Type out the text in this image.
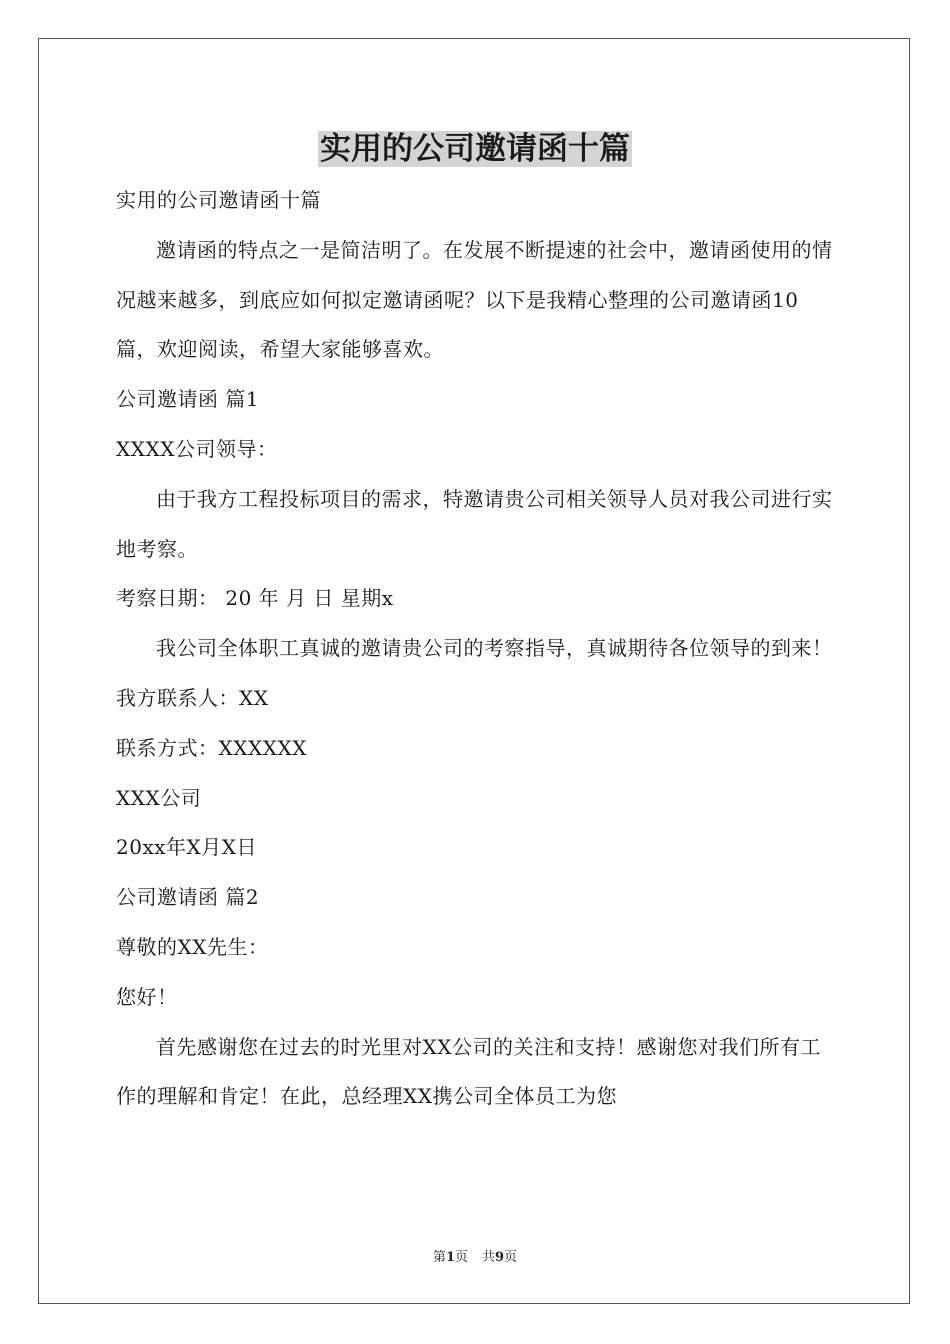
实用的公司邀请函十篇

实用的公司邀请函十篇

邀请函的特点之一是简洁明了。在发展不断提速的社会中，邀请函使用的情况越来越多，到底应如何拟定邀请函呢？以下是我精心整理的公司邀请函10篇，欢迎阅读，希望大家能够喜欢。

公司邀请函 篇1

XXXX公司领导：

由于我方工程投标项目的需求，特邀请贵公司相关领导人员对我公司进行实地考察。

考察日期： 20 年 月 日 星期x

我公司全体职工真诚的邀请贵公司的考察指导，真诚期待各位领导的到来！

我方联系人：XX

联系方式：XXXXXX

XXX公司

20xx年X月X日

公司邀请函 篇2

尊敬的XX先生：

您好！

首先感谢您在过去的时光里对XX公司的关注和支持！感谢您对我们所有工作的理解和肯定！在此，总经理XX携公司全体员工为您

第1页 共9页
